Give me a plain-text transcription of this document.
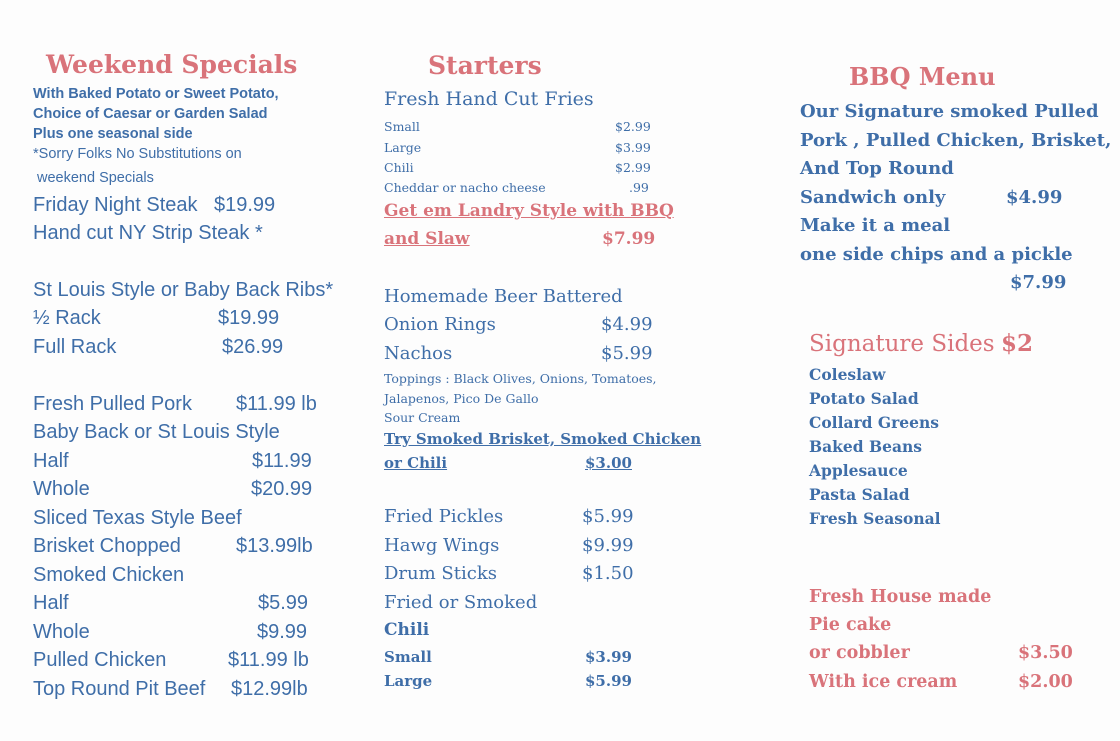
Weekend Specials
With Baked Potato or Sweet Potato,
Choice of Caesar or Garden Salad
Plus one seasonal side
*Sorry Folks No Substitutions on
weekend Specials
Friday Night Steak $19.99
Hand cut NY Strip Steak *
St Louis Style or Baby Back Ribs*
½ Rack	$19.99
Full Rack	$26.99
Fresh Pulled Pork $11.99 lb
Baby Back or St Louis Style
Half	$11.99
Whole	$20.99
Sliced Texas Style Beef
Brisket Chopped	$13.99lb
Smoked Chicken
Half	$5.99
Whole	$9.99
Pulled Chicken	$11.99 lb
Top Round Pit Beef $12.99lb
Starters
Fresh Hand Cut Fries
Small	$2.99
Large	$3.99
Chili	$2.99
Cheddar or nacho cheese	.99
Get em Landry Style with BBQ
and Slaw	$7.99
Homemade Beer Battered
Onion Rings	$4.99
Nachos	$5.99
Toppings : Black Olives, Onions, Tomatoes,
Jalapenos, Pico De Gallo
Sour Cream
Try Smoked Brisket, Smoked Chicken
or Chili	$3.00
Fried Pickles	$5.99
Hawg Wings	$9.99
Drum Sticks	$1.50
Fried or Smoked
Chili
Small	$3.99
Large	$5.99
BBQ Menu
Our Signature smoked Pulled
Pork , Pulled Chicken, Brisket,
And Top Round
Sandwich only	$4.99
Make it a meal
one side chips and a pickle
$7.99
Signature Sides $2
Coleslaw
Potato Salad
Collard Greens
Baked Beans
Applesauce
Pasta Salad
Fresh Seasonal
Fresh House made
Pie cake
or cobbler	$3.50
With ice cream	$2.00
